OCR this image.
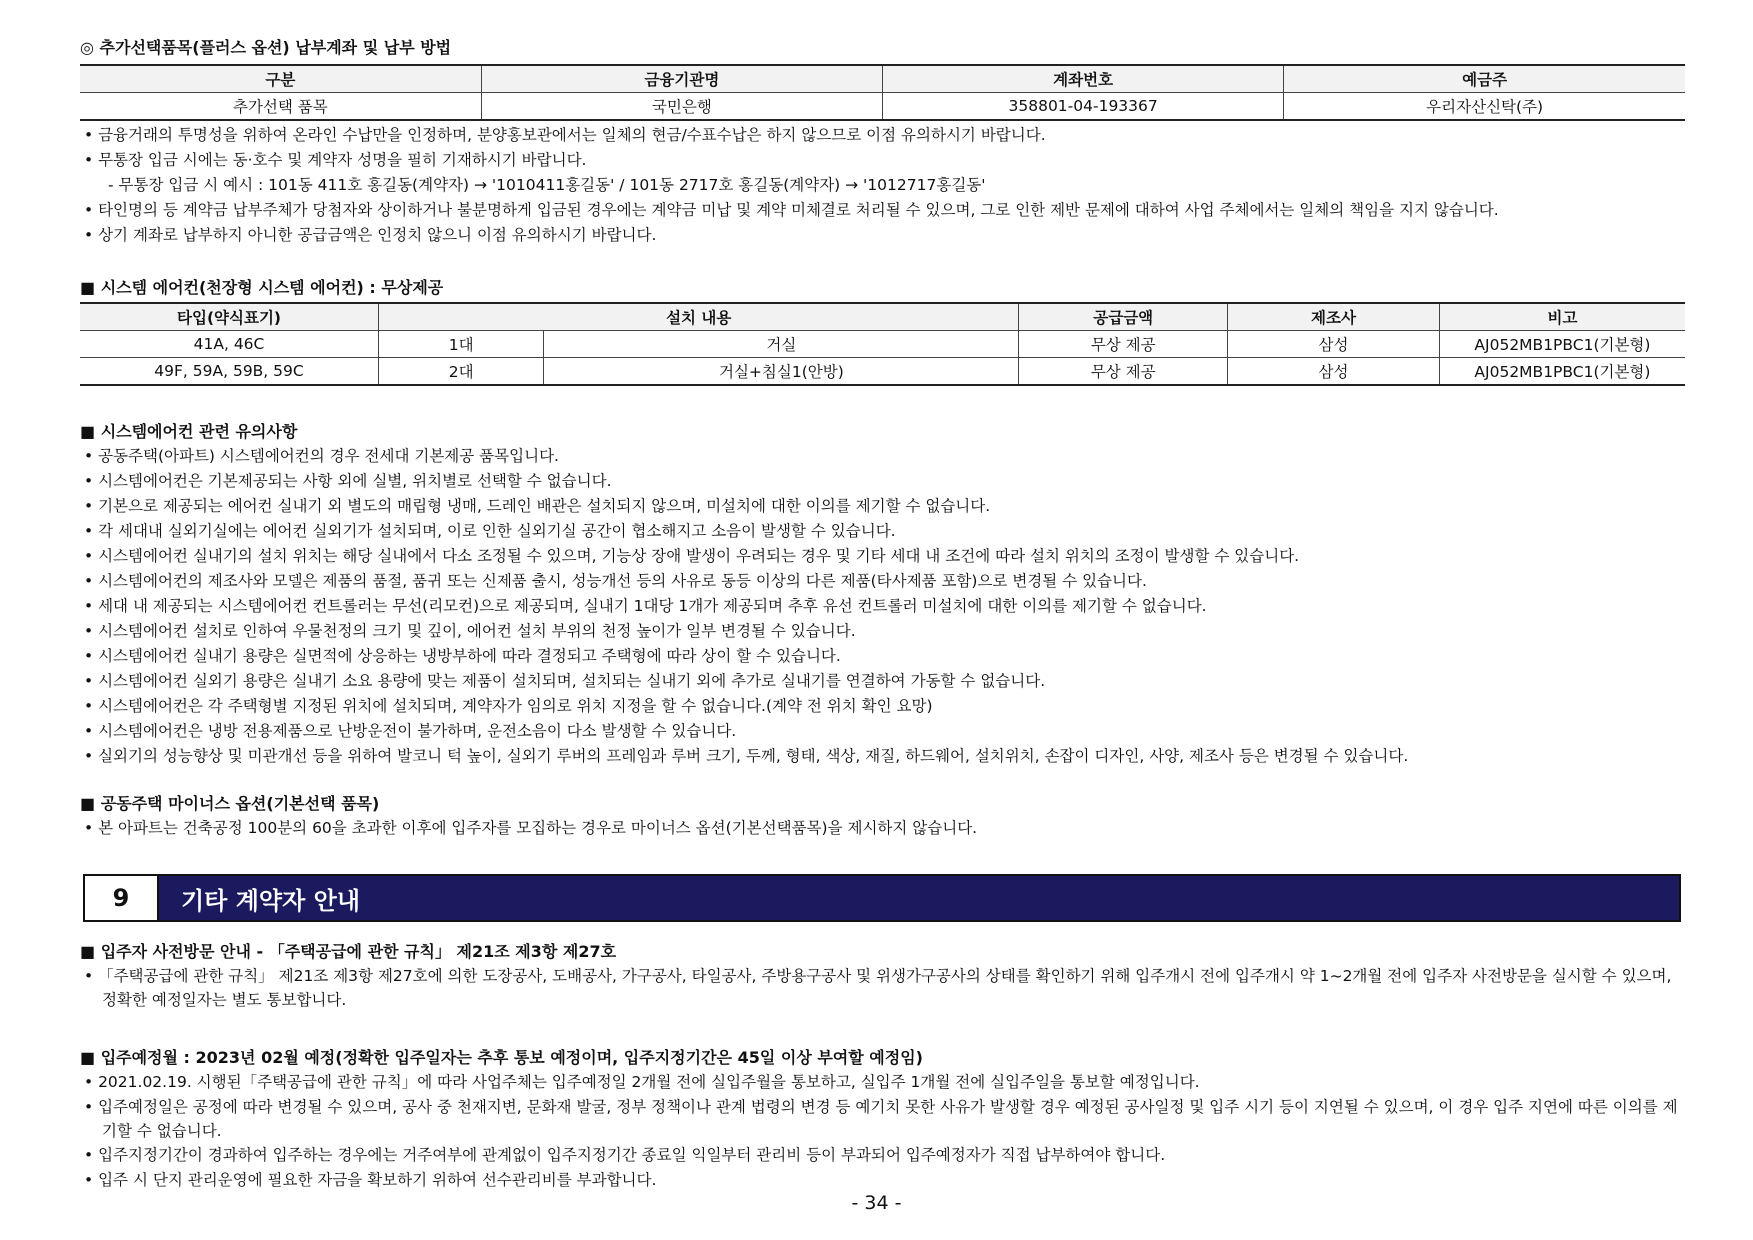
◎ 추가선택품목(플러스 옵션) 납부계좌 및 납부 방법
구분	금융기관명	계좌번호	예금주
추가선택 품목	국민은행	358801-04-193367	우리자산신탁(주)
• 금융거래의 투명성을 위하여 온라인 수납만을 인정하며, 분양홍보관에서는 일체의 현금/수표수납은 하지 않으므로 이점 유의하시기 바랍니다.
• 무통장 입금 시에는 동·호수 및 계약자 성명을 필히 기재하시기 바랍니다.
- 무통장 입금 시 예시 : 101동 411호 홍길동(계약자) → '1010411홍길동' / 101동 2717호 홍길동(계약자) → '1012717홍길동'
• 타인명의 등 계약금 납부주체가 당첨자와 상이하거나 불분명하게 입금된 경우에는 계약금 미납 및 계약 미체결로 처리될 수 있으며, 그로 인한 제반 문제에 대하여 사업 주체에서는 일체의 책임을 지지 않습니다.
• 상기 계좌로 납부하지 아니한 공급금액은 인정치 않으니 이점 유의하시기 바랍니다.
■ 시스템 에어컨(천장형 시스템 에어컨) : 무상제공
타입(약식표기)	설치 내용		공급금액	제조사	비고
41A, 46C	1대	거실	무상 제공	삼성	AJ052MB1PBC1(기본형)
49F, 59A, 59B, 59C	2대	거실+침실1(안방)	무상 제공	삼성	AJ052MB1PBC1(기본형)
■ 시스템에어컨 관련 유의사항
• 공동주택(아파트) 시스템에어컨의 경우 전세대 기본제공 품목입니다.
• 시스템에어컨은 기본제공되는 사항 외에 실별, 위치별로 선택할 수 없습니다.
• 기본으로 제공되는 에어컨 실내기 외 별도의 매립형 냉매, 드레인 배관은 설치되지 않으며, 미설치에 대한 이의를 제기할 수 없습니다.
• 각 세대내 실외기실에는 에어컨 실외기가 설치되며, 이로 인한 실외기실 공간이 협소해지고 소음이 발생할 수 있습니다.
• 시스템에어컨 실내기의 설치 위치는 해당 실내에서 다소 조정될 수 있으며, 기능상 장애 발생이 우려되는 경우 및 기타 세대 내 조건에 따라 설치 위치의 조정이 발생할 수 있습니다.
• 시스템에어컨의 제조사와 모델은 제품의 품절, 품귀 또는 신제품 출시, 성능개선 등의 사유로 동등 이상의 다른 제품(타사제품 포함)으로 변경될 수 있습니다.
• 세대 내 제공되는 시스템에어컨 컨트롤러는 무선(리모컨)으로 제공되며, 실내기 1대당 1개가 제공되며 추후 유선 컨트롤러 미설치에 대한 이의를 제기할 수 없습니다.
• 시스템에어컨 설치로 인하여 우물천정의 크기 및 깊이, 에어컨 설치 부위의 천정 높이가 일부 변경될 수 있습니다.
• 시스템에어컨 실내기 용량은 실면적에 상응하는 냉방부하에 따라 결정되고 주택형에 따라 상이 할 수 있습니다.
• 시스템에어컨 실외기 용량은 실내기 소요 용량에 맞는 제품이 설치되며, 설치되는 실내기 외에 추가로 실내기를 연결하여 가동할 수 없습니다.
• 시스템에어컨은 각 주택형별 지정된 위치에 설치되며, 계약자가 임의로 위치 지정을 할 수 없습니다.(계약 전 위치 확인 요망)
• 시스템에어컨은 냉방 전용제품으로 난방운전이 불가하며, 운전소음이 다소 발생할 수 있습니다.
• 실외기의 성능향상 및 미관개선 등을 위하여 발코니 턱 높이, 실외기 루버의 프레임과 루버 크기, 두께, 형태, 색상, 재질, 하드웨어, 설치위치, 손잡이 디자인, 사양, 제조사 등은 변경될 수 있습니다.
■ 공동주택 마이너스 옵션(기본선택 품목)
• 본 아파트는 건축공정 100분의 60을 초과한 이후에 입주자를 모집하는 경우로 마이너스 옵션(기본선택품목)을 제시하지 않습니다.
9	기타 계약자 안내
■ 입주자 사전방문 안내 - 「주택공급에 관한 규칙」 제21조 제3항 제27호
• 「주택공급에 관한 규칙」 제21조 제3항 제27호에 의한 도장공사, 도배공사, 가구공사, 타일공사, 주방용구공사 및 위생가구공사의 상태를 확인하기 위해 입주개시 전에 입주개시 약 1~2개월 전에 입주자 사전방문을 실시할 수 있으며, 정확한 예정일자는 별도 통보합니다.
■ 입주예정월 : 2023년 02월 예정(정확한 입주일자는 추후 통보 예정이며, 입주지정기간은 45일 이상 부여할 예정임)
• 2021.02.19. 시행된「주택공급에 관한 규칙」에 따라 사업주체는 입주예정일 2개월 전에 실입주월을 통보하고, 실입주 1개월 전에 실입주일을 통보할 예정입니다.
• 입주예정일은 공정에 따라 변경될 수 있으며, 공사 중 천재지변, 문화재 발굴, 정부 정책이나 관계 법령의 변경 등 예기치 못한 사유가 발생할 경우 예정된 공사일정 및 입주 시기 등이 지연될 수 있으며, 이 경우 입주 지연에 따른 이의를 제기할 수 없습니다.
• 입주지정기간이 경과하여 입주하는 경우에는 거주여부에 관계없이 입주지정기간 종료일 익일부터 관리비 등이 부과되어 입주예정자가 직접 납부하여야 합니다.
• 입주 시 단지 관리운영에 필요한 자금을 확보하기 위하여 선수관리비를 부과합니다.
- 34 -
